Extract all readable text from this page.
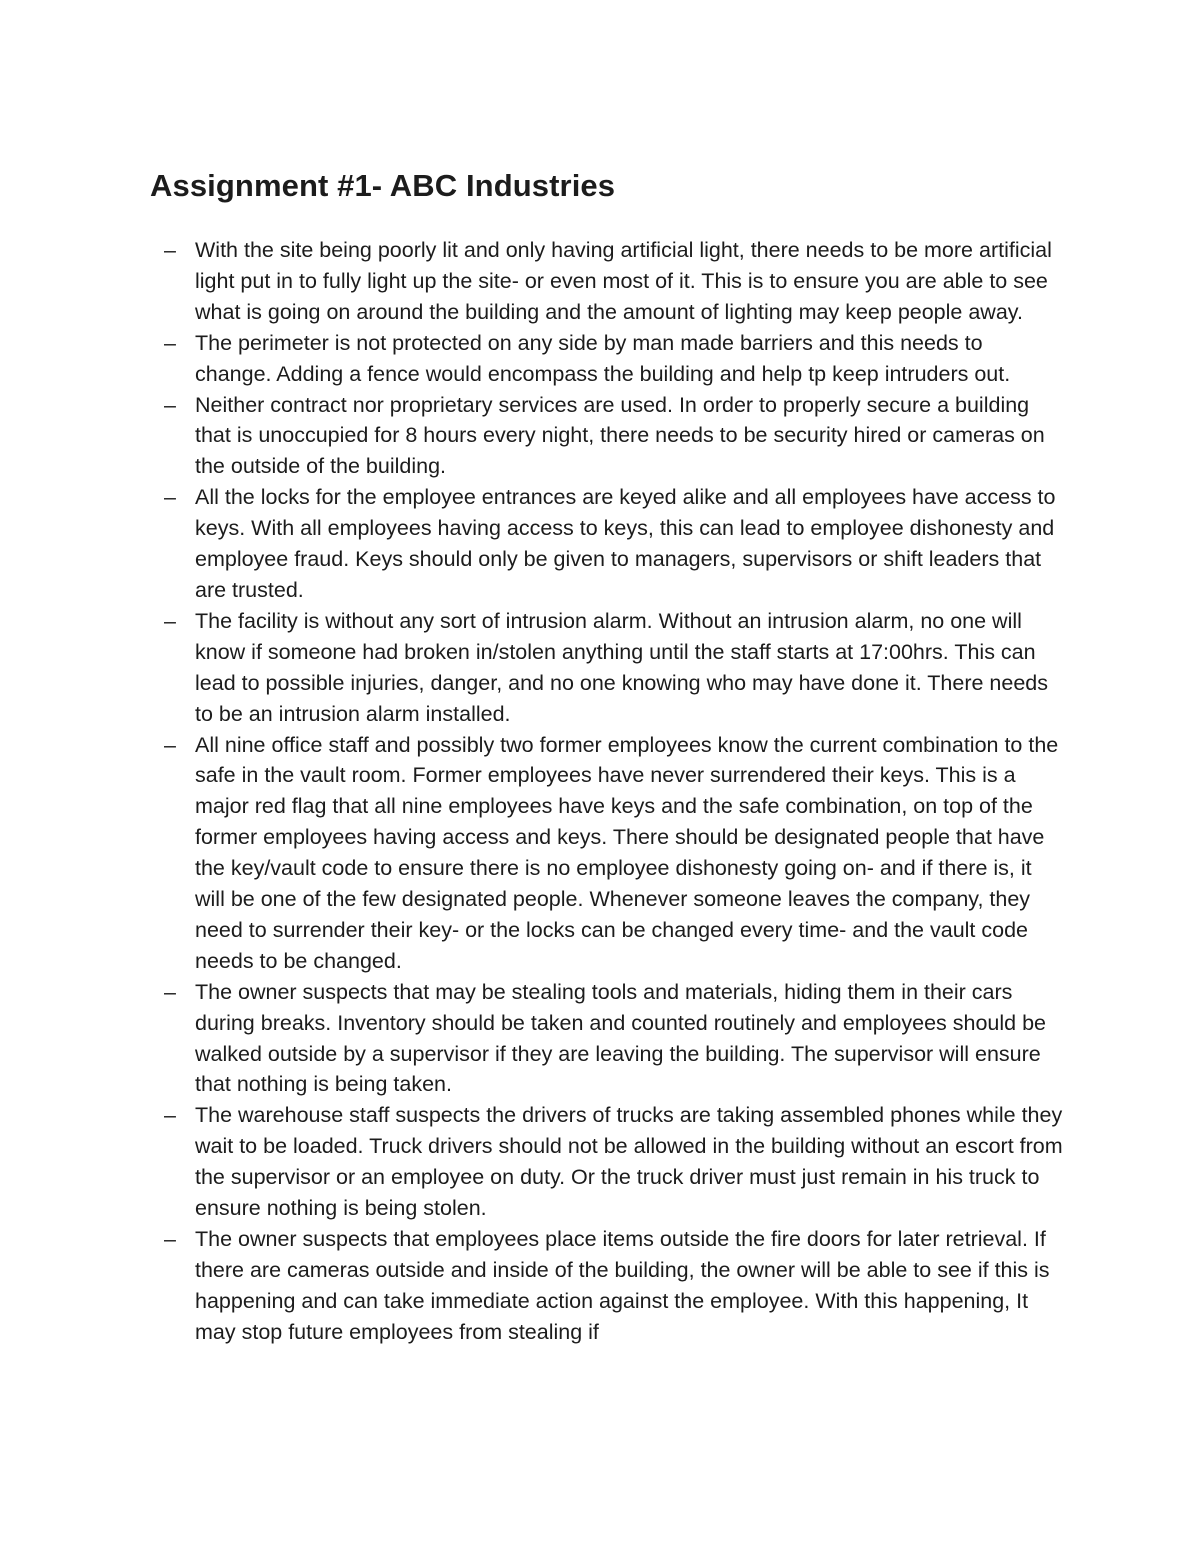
Assignment #1- ABC Industries
– With the site being poorly lit and only having artificial light, there needs to be more artificial light put in to fully light up the site- or even most of it. This is to ensure you are able to see what is going on around the building and the amount of lighting may keep people away.
– The perimeter is not protected on any side by man made barriers and this needs to change. Adding a fence would encompass the building and help tp keep intruders out.
– Neither contract nor proprietary services are used. In order to properly secure a building that is unoccupied for 8 hours every night, there needs to be security hired or cameras on the outside of the building.
– All the locks for the employee entrances are keyed alike and all employees have access to keys. With all employees having access to keys, this can lead to employee dishonesty and employee fraud. Keys should only be given to managers, supervisors or shift leaders that are trusted.
– The facility is without any sort of intrusion alarm. Without an intrusion alarm, no one will know if someone had broken in/stolen anything until the staff starts at 17:00hrs. This can lead to possible injuries, danger, and no one knowing who may have done it. There needs to be an intrusion alarm installed.
– All nine office staff and possibly two former employees know the current combination to the safe in the vault room. Former employees have never surrendered their keys. This is a major red flag that all nine employees have keys and the safe combination, on top of the former employees having access and keys. There should be designated people that have the key/vault code to ensure there is no employee dishonesty going on- and if there is, it will be one of the few designated people. Whenever someone leaves the company, they need to surrender their key- or the locks can be changed every time- and the vault code needs to be changed.
– The owner suspects that may be stealing tools and materials, hiding them in their cars during breaks. Inventory should be taken and counted routinely and employees should be walked outside by a supervisor if they are leaving the building. The supervisor will ensure that nothing is being taken.
– The warehouse staff suspects the drivers of trucks are taking assembled phones while they wait to be loaded. Truck drivers should not be allowed in the building without an escort from the supervisor or an employee on duty. Or the truck driver must just remain in his truck to ensure nothing is being stolen.
– The owner suspects that employees place items outside the fire doors for later retrieval. If there are cameras outside and inside of the building, the owner will be able to see if this is happening and can take immediate action against the employee. With this happening, It may stop future employees from stealing if
